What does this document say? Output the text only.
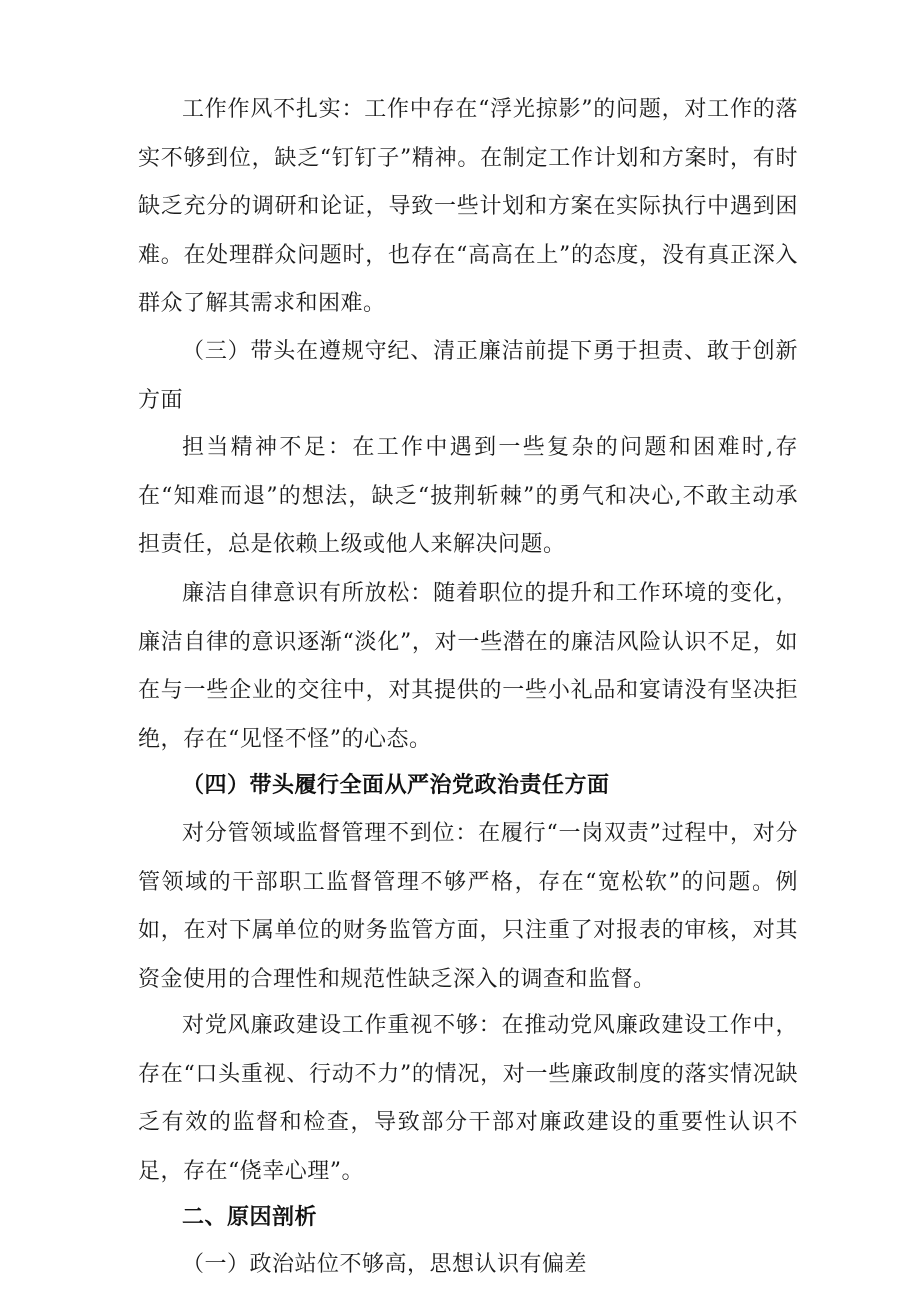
工作作风不扎实：工作中存在“浮光掠影”的问题，对工作的落实不够到位，缺乏“钉钉子”精神。在制定工作计划和方案时，有时缺乏充分的调研和论证，导致一些计划和方案在实际执行中遇到困难。在处理群众问题时，也存在“高高在上”的态度，没有真正深入群众了解其需求和困难。

（三）带头在遵规守纪、清正廉洁前提下勇于担责、敢于创新方面

担当精神不足：在工作中遇到一些复杂的问题和困难时,存在“知难而退”的想法，缺乏“披荆斩棘”的勇气和决心,不敢主动承担责任，总是依赖上级或他人来解决问题。

廉洁自律意识有所放松：随着职位的提升和工作环境的变化，廉洁自律的意识逐渐“淡化”，对一些潜在的廉洁风险认识不足，如在与一些企业的交往中，对其提供的一些小礼品和宴请没有坚决拒绝，存在“见怪不怪”的心态。

（四）带头履行全面从严治党政治责任方面

对分管领域监督管理不到位：在履行“一岗双责”过程中，对分管领域的干部职工监督管理不够严格，存在“宽松软”的问题。例如，在对下属单位的财务监管方面，只注重了对报表的审核，对其资金使用的合理性和规范性缺乏深入的调查和监督。

对党风廉政建设工作重视不够：在推动党风廉政建设工作中，存在“口头重视、行动不力”的情况，对一些廉政制度的落实情况缺乏有效的监督和检查，导致部分干部对廉政建设的重要性认识不足，存在“侥幸心理”。

二、原因剖析

（一）政治站位不够高，思想认识有偏差
